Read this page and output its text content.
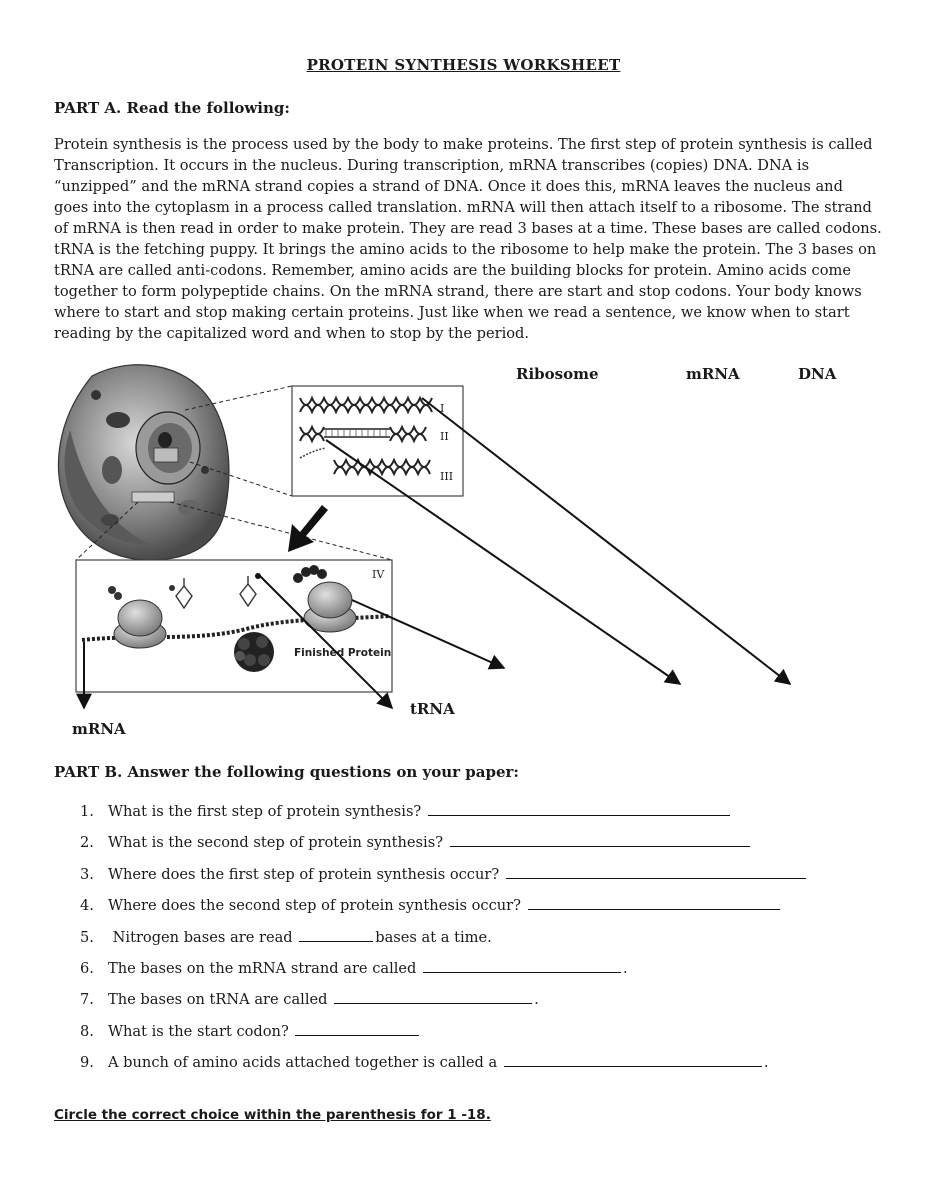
PROTEIN SYNTHESIS WORKSHEET
PART A. Read the following:

Protein synthesis is the process used by the body to make proteins. The first step of protein synthesis is called
Transcription. It occurs in the nucleus. During transcription, mRNA transcribes (copies) DNA. DNA is
“unzipped” and the mRNA strand copies a strand of DNA. Once it does this, mRNA leaves the nucleus and
goes into the cytoplasm in a process called translation. mRNA will then attach itself to a ribosome. The strand
of mRNA is then read in order to make protein. They are read 3 bases at a time. These bases are called codons.
tRNA is the fetching puppy. It brings the amino acids to the ribosome to help make the protein. The 3 bases on
tRNA are called anti-codons. Remember, amino acids are the building blocks for protein. Amino acids come
together to form polypeptide chains. On the mRNA strand, there are start and stop codons. Your body knows
where to start and stop making certain proteins. Just like when we read a sentence, we know when to start
reading by the capitalized word and when to stop by the period.

I
II
III
IV
Finished Protein
Ribosome	mRNA	DNA
tRNA
mRNA
PART B. Answer the following questions on your paper:
1. What is the first step of protein synthesis?
2. What is the second step of protein synthesis?
3. Where does the first step of protein synthesis occur?
4. Where does the second step of protein synthesis occur?
5. Nitrogen bases are read	bases at a time.
6. The bases on the mRNA strand are called	.
7. The bases on tRNA are called	.
8. What is the start codon?
9. A bunch of amino acids attached together is called a	.
Circle the correct choice within the parenthesis for 1 -18.
